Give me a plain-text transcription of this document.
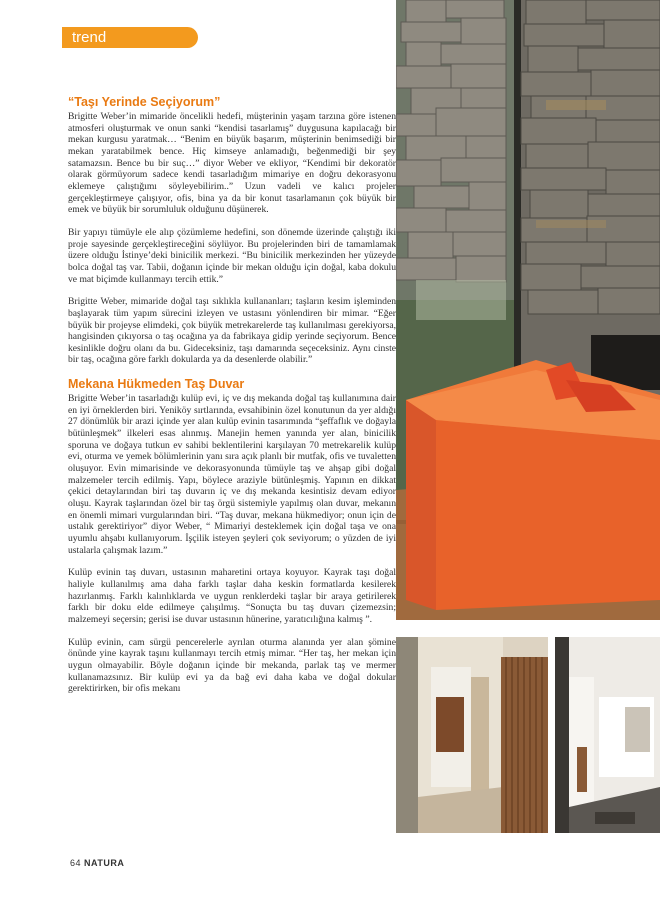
trend
“Taşı Yerinde Seçiyorum”

Brigitte Weber’in mimaride öncelikli hedefi, müşterinin yaşam tarzına göre istenen atmosferi oluşturmak ve onun sanki “kendisi tasarlamış” duygusuna kapılacağı bir mekan kurgusu yaratmak… “Benim en büyük başarım, müşterinin benimsediği bir mekan yaratabilmek bence. Hiç kimseye anlamadığı, beğenmediği bir şey satamazsın. Bence bu bir suç…” diyor Weber ve ekliyor, “Kendimi bir dekoratör olarak görmüyorum sadece kendi tasarladığım mimariye en doğru dekorasyonu eklemeye çalıştığımı söyleyebilirim..” Uzun vadeli ve kalıcı projeler gerçekleştirmeye çalışıyor, ofis, bina ya da bir konut tasarlamanın çok büyük bir emek ve büyük bir sorumluluk olduğunu düşünerek.

Bir yapıyı tümüyle ele alıp çözümleme hedefini, son dönemde üzerinde çalıştığı iki proje sayesinde gerçekleştireceğini söylüyor. Bu projelerinden biri de tamamlamak üzere olduğu İstinye’deki binicilik merkezi. “Bu binicilik merkezinden her yüzeyde bolca doğal taş var. Tabii, doğanın içinde bir mekan olduğu için doğal, kaba dokulu ve mat biçimde kullanmayı tercih ettik.”

Brigitte Weber, mimaride doğal taşı sıklıkla kullananları; taşların kesim işleminden başlayarak tüm yapım sürecini izleyen ve ustasını yönlendiren bir mimar. “Eğer büyük bir projeyse elimdeki, çok büyük metrekarelerde taş kullanılması gerekiyorsa, hangisinden çıkıyorsa o taş ocağına ya da fabrikaya gidip yerinde seçiyorum. Bence kesinlikle doğru olanı da bu. Gideceksiniz, taşı damarında seçeceksiniz. Aynı cinste bir taş, ocağına göre farklı dokularda ya da desenlerde olabilir.”

Mekana Hükmeden Taş Duvar

Brigitte Weber’in tasarladığı kulüp evi, iç ve dış mekanda doğal taş kullanımına dair en iyi örneklerden biri. Yeniköy sırtlarında, evsahibinin özel konutunun da yer aldığı 27 dönümlük bir arazi içinde yer alan kulüp evinin tasarımında “şeffaflık ve doğayla bütünleşmek” ilkeleri esas alınmış. Manejin hemen yanında yer alan, binicilik sporuna ve doğaya tutkun ev sahibi beklentilerini karşılayan 70 metrekarelik kulüp evi, oturma ve yemek bölümlerinin yanı sıra açık planlı bir mutfak, ofis ve tuvaletten oluşuyor. Evin mimarisinde ve dekorasyonunda tümüyle taş ve ahşap gibi doğal malzemeler tercih edilmiş. Yapı, böylece araziyle bütünleşmiş. Yapının en dikkat çekici detaylarından biri taş duvarın iç ve dış mekanda kesintisiz devam ediyor oluşu. Kayrak taşlarından özel bir taş örgü sistemiyle yapılmış olan duvar, mekanın en önemli mimari vurgularından biri. “Taş duvar, mekana hükmediyor; onun için de ustalık gerektiriyor” diyor Weber, “ Mimariyi desteklemek için doğal taşa ve ona uyumlu ahşabı kullanıyorum. İşçilik isteyen şeyleri çok seviyorum; o yüzden de iyi ustalarla çalışmak lazım.”

Kulüp evinin taş duvarı, ustasının maharetini ortaya koyuyor. Kayrak taşı doğal haliyle kullanılmış ama daha farklı taşlar daha keskin formatlarda kesilerek hazırlanmış. Farklı kalınlıklarda ve uygun renklerdeki taşlar bir araya getirilerek farklı bir doku elde edilmeye çalışılmış. “Sonuçta bu taş duvarı çizemezsin; malzemeyi seçersin; gerisi ise duvar ustasının hünerine, yaratıcılığına kalmış ”.

Kulüp evinin, cam sürgü pencerelerle ayrılan oturma alanında yer alan şömine önünde yine kayrak taşını kullanmayı tercih etmiş mimar. “Her taş, her mekan için uygun olmayabilir. Böyle doğanın içinde bir mekanda, parlak taş ve mermer kullanamazsınız. Bir kulüp evi ya da bağ evi daha kaba ve doğal dokular gerektirirken, bir ofis mekanı

64 NATURA
